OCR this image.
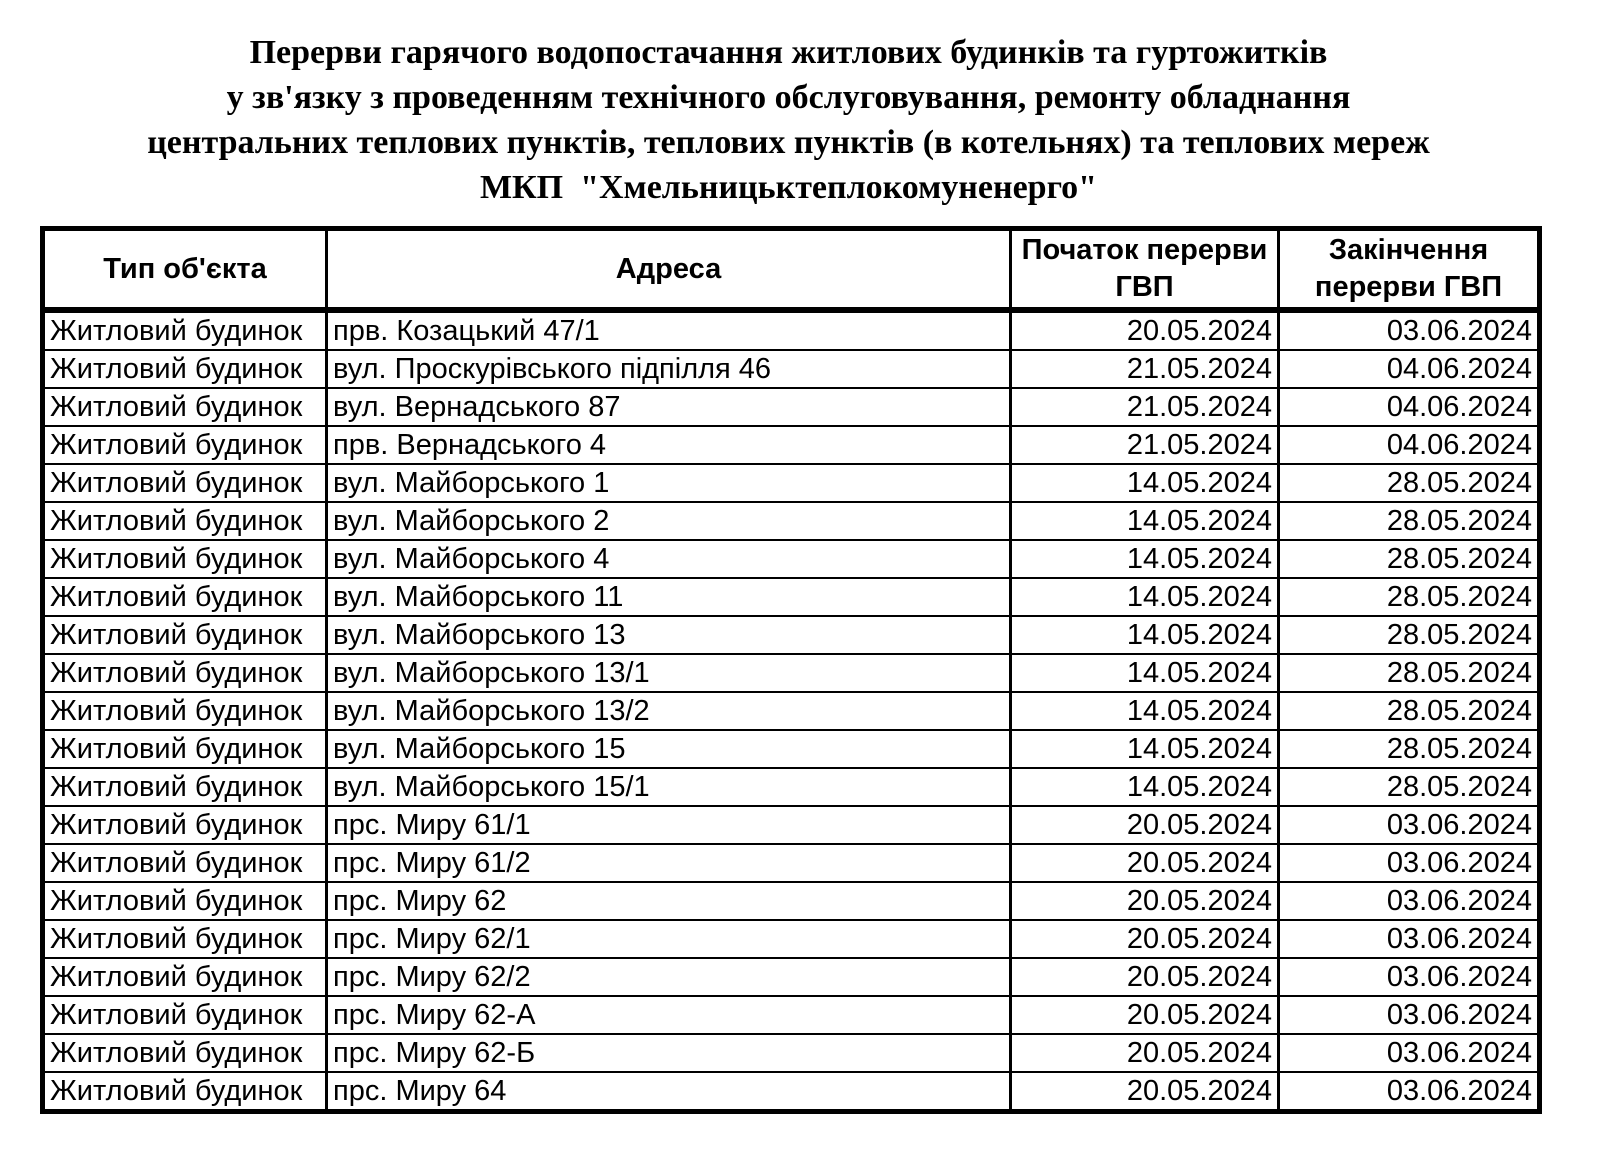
Перерви гарячого водопостачання житлових будинків та гуртожитків
у зв'язку з проведенням технічного обслуговування, ремонту обладнання
центральних теплових пунктів, теплових пунктів (в котельнях) та теплових мереж
МКП  "Хмельницьктеплокомуненерго"
Тип об'єкта	Адреса	Початок перерви ГВП	Закінчення перерви ГВП
Житловий будинок	прв. Козацький 47/1	20.05.2024	03.06.2024
Житловий будинок	вул. Проскурівського підпілля 46	21.05.2024	04.06.2024
Житловий будинок	вул. Вернадського 87	21.05.2024	04.06.2024
Житловий будинок	прв. Вернадського 4	21.05.2024	04.06.2024
Житловий будинок	вул. Майборського 1	14.05.2024	28.05.2024
Житловий будинок	вул. Майборського 2	14.05.2024	28.05.2024
Житловий будинок	вул. Майборського 4	14.05.2024	28.05.2024
Житловий будинок	вул. Майборського 11	14.05.2024	28.05.2024
Житловий будинок	вул. Майборського 13	14.05.2024	28.05.2024
Житловий будинок	вул. Майборського 13/1	14.05.2024	28.05.2024
Житловий будинок	вул. Майборського 13/2	14.05.2024	28.05.2024
Житловий будинок	вул. Майборського 15	14.05.2024	28.05.2024
Житловий будинок	вул. Майборського 15/1	14.05.2024	28.05.2024
Житловий будинок	прс. Миру 61/1	20.05.2024	03.06.2024
Житловий будинок	прс. Миру 61/2	20.05.2024	03.06.2024
Житловий будинок	прс. Миру 62	20.05.2024	03.06.2024
Житловий будинок	прс. Миру 62/1	20.05.2024	03.06.2024
Житловий будинок	прс. Миру 62/2	20.05.2024	03.06.2024
Житловий будинок	прс. Миру 62-А	20.05.2024	03.06.2024
Житловий будинок	прс. Миру 62-Б	20.05.2024	03.06.2024
Житловий будинок	прс. Миру 64	20.05.2024	03.06.2024
